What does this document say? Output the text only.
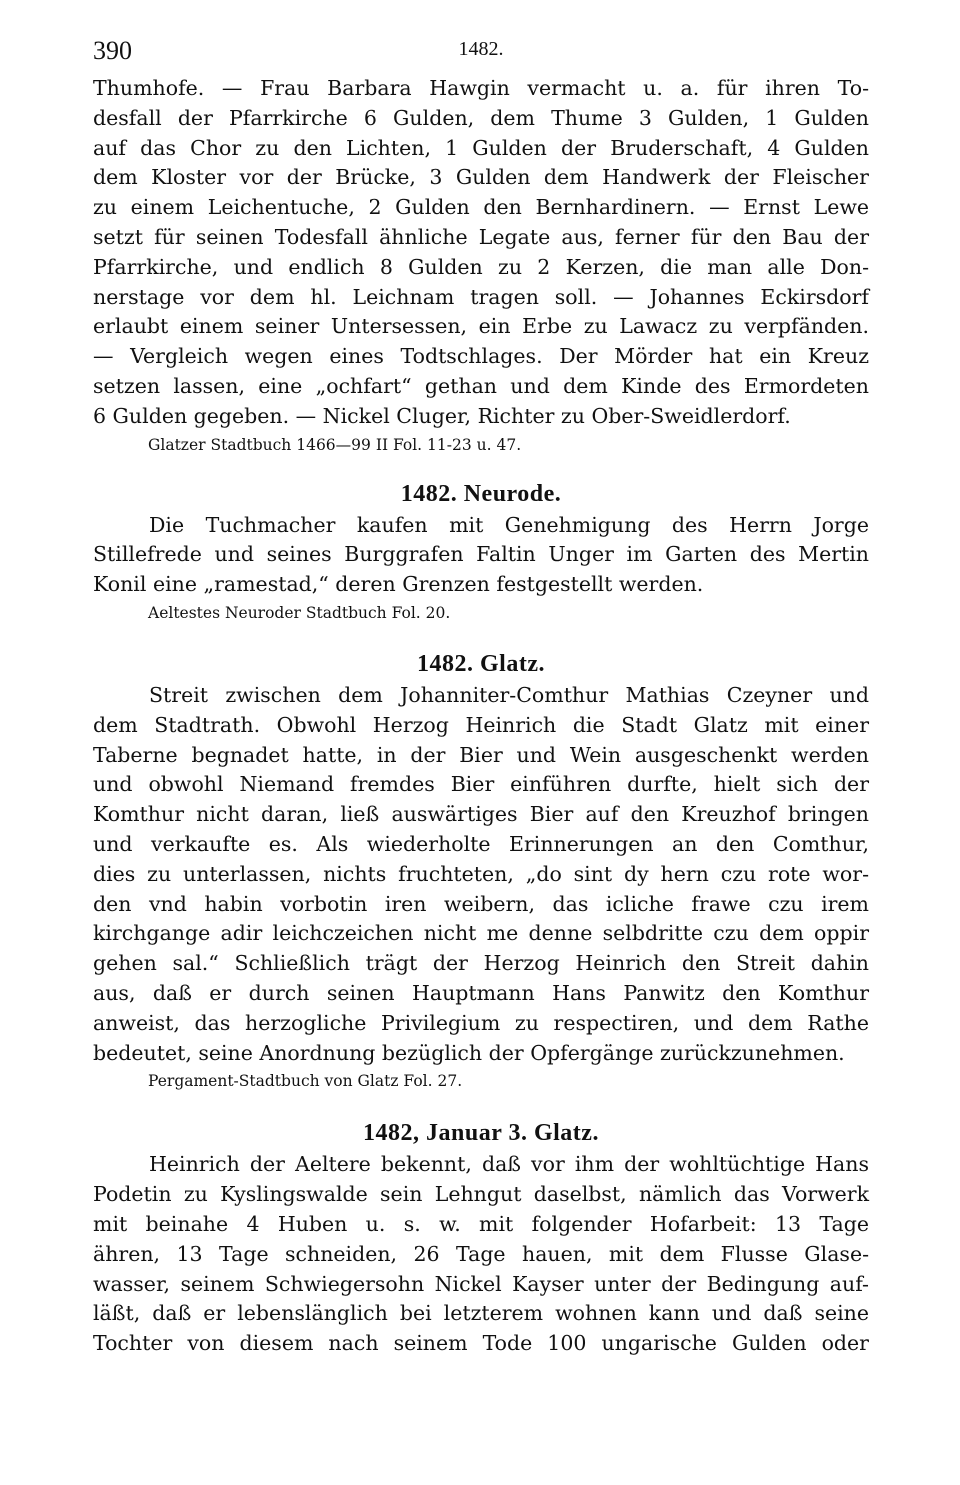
390	1482.
Thumhofe. — Frau Barbara Hawgin vermacht u. a. für ihren To-
desfall der Pfarrkirche 6 Gulden, dem Thume 3 Gulden, 1 Gulden
auf das Chor zu den Lichten, 1 Gulden der Bruderschaft, 4 Gulden
dem Kloster vor der Brücke, 3 Gulden dem Handwerk der Fleischer
zu einem Leichentuche, 2 Gulden den Bernhardinern. — Ernst Lewe
setzt für seinen Todesfall ähnliche Legate aus, ferner für den Bau der
Pfarrkirche, und endlich 8 Gulden zu 2 Kerzen, die man alle Don-
nerstage vor dem hl. Leichnam tragen soll. — Johannes Eckirsdorf
erlaubt einem seiner Untersessen, ein Erbe zu Lawacz zu verpfänden.
— Vergleich wegen eines Todtschlages. Der Mörder hat ein Kreuz
setzen lassen, eine „ochfart“ gethan und dem Kinde des Ermordeten
6 Gulden gegeben. — Nickel Cluger, Richter zu Ober-Sweidlerdorf.
Glatzer Stadtbuch 1466—99 II Fol. 11-23 u. 47.
1482. Neurode.
Die Tuchmacher kaufen mit Genehmigung des Herrn Jorge
Stillefrede und seines Burggrafen Faltin Unger im Garten des Mertin
Konil eine „ramestad,“ deren Grenzen festgestellt werden.
Aeltestes Neuroder Stadtbuch Fol. 20.
1482. Glatz.
Streit zwischen dem Johanniter-Comthur Mathias Czeyner und
dem Stadtrath. Obwohl Herzog Heinrich die Stadt Glatz mit einer
Taberne begnadet hatte, in der Bier und Wein ausgeschenkt werden
und obwohl Niemand fremdes Bier einführen durfte, hielt sich der
Komthur nicht daran, ließ auswärtiges Bier auf den Kreuzhof bringen
und verkaufte es. Als wiederholte Erinnerungen an den Comthur,
dies zu unterlassen, nichts fruchteten, „do sint dy hern czu rote wor-
den vnd habin vorbotin iren weibern, das icliche frawe czu irem
kirchgange adir leichczeichen nicht me denne selbdritte czu dem oppir
gehen sal.“ Schließlich trägt der Herzog Heinrich den Streit dahin
aus, daß er durch seinen Hauptmann Hans Panwitz den Komthur
anweist, das herzogliche Privilegium zu respectiren, und dem Rathe
bedeutet, seine Anordnung bezüglich der Opfergänge zurückzunehmen.
Pergament-Stadtbuch von Glatz Fol. 27.
1482, Januar 3. Glatz.
Heinrich der Aeltere bekennt, daß vor ihm der wohltüchtige Hans
Podetin zu Kyslingswalde sein Lehngut daselbst, nämlich das Vorwerk
mit beinahe 4 Huben u. s. w. mit folgender Hofarbeit: 13 Tage
ähren, 13 Tage schneiden, 26 Tage hauen, mit dem Flusse Glase-
wasser, seinem Schwiegersohn Nickel Kayser unter der Bedingung auf-
läßt, daß er lebenslänglich bei letzterem wohnen kann und daß seine
Tochter von diesem nach seinem Tode 100 ungarische Gulden oder
